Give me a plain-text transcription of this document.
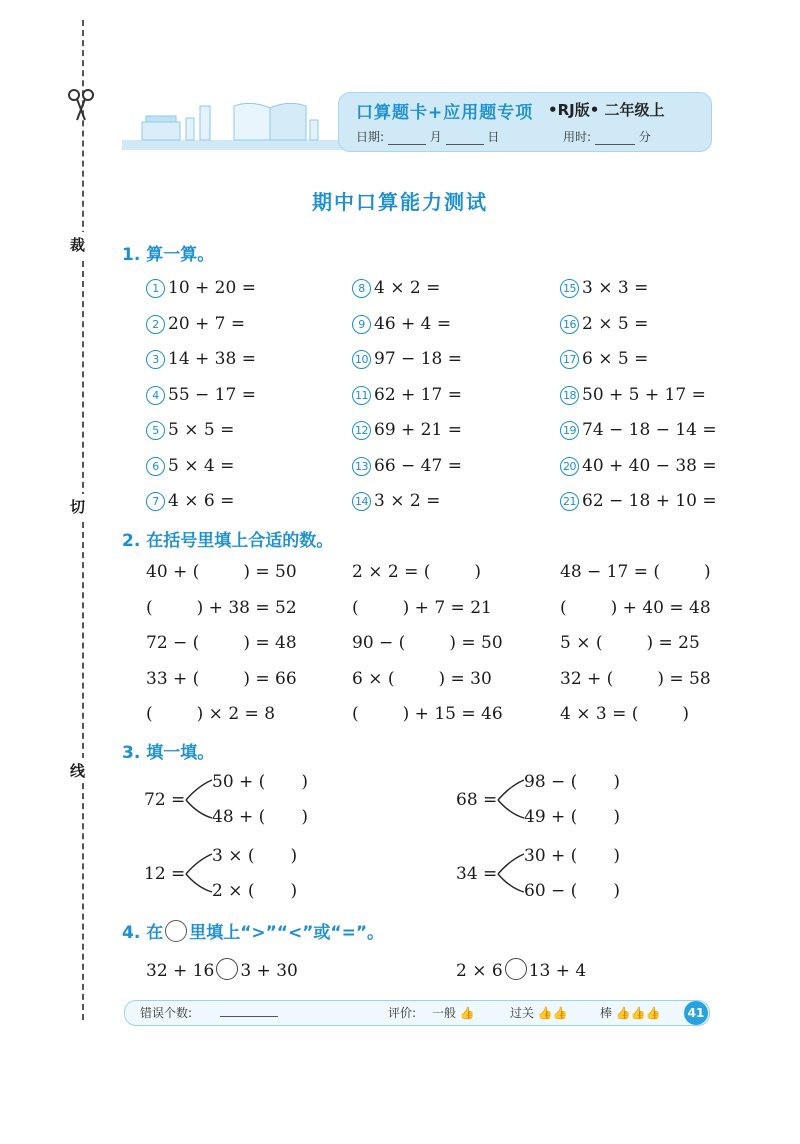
裁
切
线
口算题卡+应用题专项 •RJ版• 二年级上
日期:	月	日	用时:	分
期中口算能力测试
1. 算一算。
1 10 + 20 =
2 20 + 7 =
3 14 + 38 =
4 55 − 17 =
5 5 × 5 =
6 5 × 4 =
7 4 × 6 =
8 4 × 2 =
9 46 + 4 =
10 97 − 18 =
11 62 + 17 =
12 69 + 21 =
13 66 − 47 =
14 3 × 2 =
15 3 × 3 =
16 2 × 5 =
17 6 × 5 =
18 50 + 5 + 17 =
19 74 − 18 − 14 =
20 40 + 40 − 38 =
21 62 − 18 + 10 =
2. 在括号里填上合适的数。
40 + (	) = 50
(	) + 38 = 52
72 − (	) = 48
33 + (	) = 66
(	) × 2 = 8
2 × 2 = (	)
(	) + 7 = 21
90 − (	) = 50
6 × (	) = 30
(	) + 15 = 46
48 − 17 = (	)
(	) + 40 = 48
5 × (	) = 25
32 + (	) = 58
4 × 3 = (	)
3. 填一填。
72 =
50 + ( )
48 + ( )
68 =
98 − ( )
49 + ( )
12 =
3 × ( )
2 × ( )
34 =
30 + ( )
60 − ( )
4. 在 里填上“>”“<”或“=”。
32 + 16 3 + 30	2 × 6 13 + 4
错误个数:	评价: 一般 👍	过关 👍👍	棒 👍👍👍	41
